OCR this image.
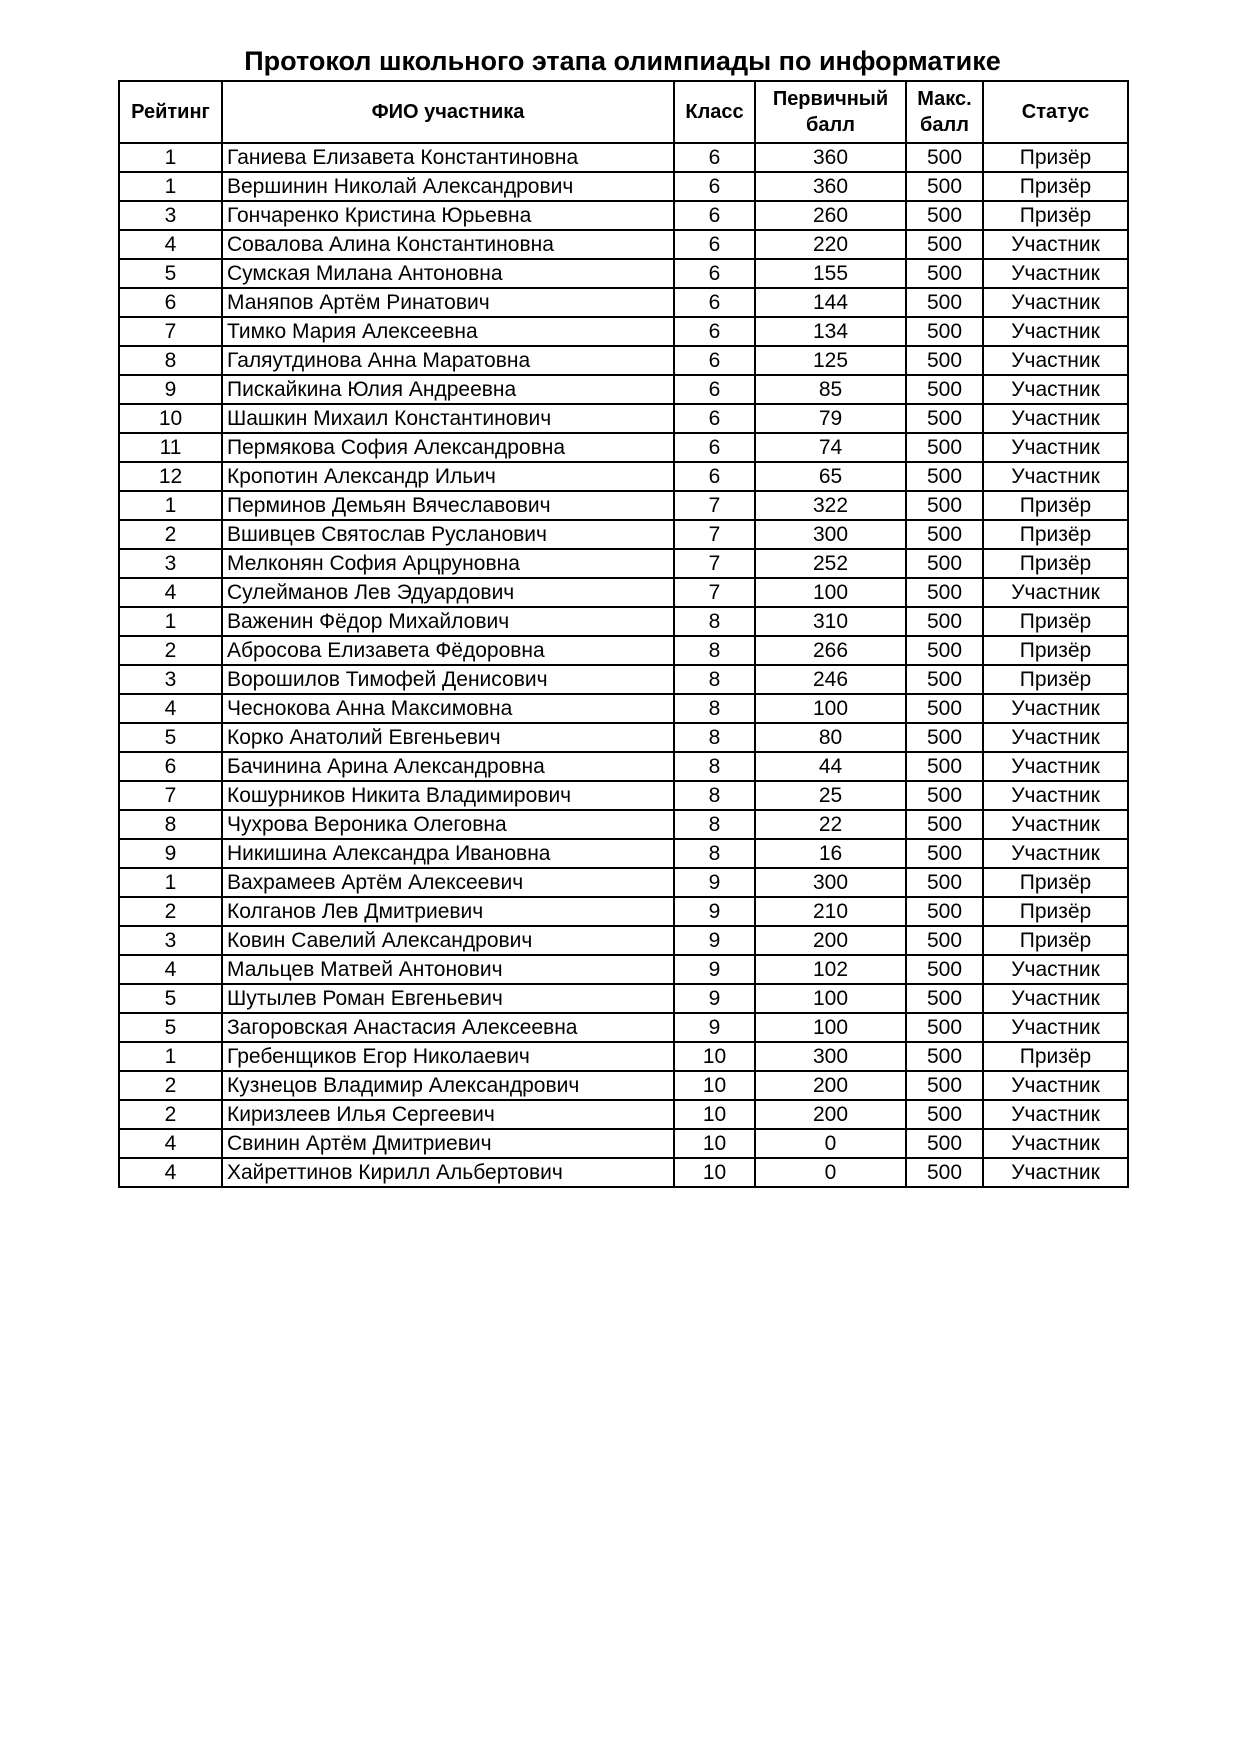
Протокол школьного этапа олимпиады по информатике
Рейтинг	ФИО участника	Класс	Первичный балл	Макс. балл	Статус
1	Ганиева Елизавета Константиновна	6	360	500	Призёр
1	Вершинин Николай Александрович	6	360	500	Призёр
3	Гончаренко Кристина Юрьевна	6	260	500	Призёр
4	Совалова Алина Константиновна	6	220	500	Участник
5	Сумская Милана Антоновна	6	155	500	Участник
6	Маняпов Артём Ринатович	6	144	500	Участник
7	Тимко Мария Алексеевна	6	134	500	Участник
8	Галяутдинова Анна Маратовна	6	125	500	Участник
9	Пискайкина Юлия Андреевна	6	85	500	Участник
10	Шашкин Михаил Константинович	6	79	500	Участник
11	Пермякова София Александровна	6	74	500	Участник
12	Кропотин Александр Ильич	6	65	500	Участник
1	Перминов Демьян Вячеславович	7	322	500	Призёр
2	Вшивцев Святослав Русланович	7	300	500	Призёр
3	Мелконян София Арцруновна	7	252	500	Призёр
4	Сулейманов Лев Эдуардович	7	100	500	Участник
1	Важенин Фёдор Михайлович	8	310	500	Призёр
2	Абросова Елизавета Фёдоровна	8	266	500	Призёр
3	Ворошилов Тимофей Денисович	8	246	500	Призёр
4	Чеснокова Анна Максимовна	8	100	500	Участник
5	Корко Анатолий Евгеньевич	8	80	500	Участник
6	Бачинина Арина Александровна	8	44	500	Участник
7	Кошурников Никита Владимирович	8	25	500	Участник
8	Чухрова Вероника Олеговна	8	22	500	Участник
9	Никишина Александра Ивановна	8	16	500	Участник
1	Вахрамеев Артём Алексеевич	9	300	500	Призёр
2	Колганов Лев Дмитриевич	9	210	500	Призёр
3	Ковин Савелий Александрович	9	200	500	Призёр
4	Мальцев Матвей Антонович	9	102	500	Участник
5	Шутылев Роман Евгеньевич	9	100	500	Участник
5	Загоровская Анастасия Алексеевна	9	100	500	Участник
1	Гребенщиков Егор Николаевич	10	300	500	Призёр
2	Кузнецов Владимир Александрович	10	200	500	Участник
2	Киризлеев Илья Сергеевич	10	200	500	Участник
4	Свинин Артём Дмитриевич	10	0	500	Участник
4	Хайреттинов Кирилл Альбертович	10	0	500	Участник
